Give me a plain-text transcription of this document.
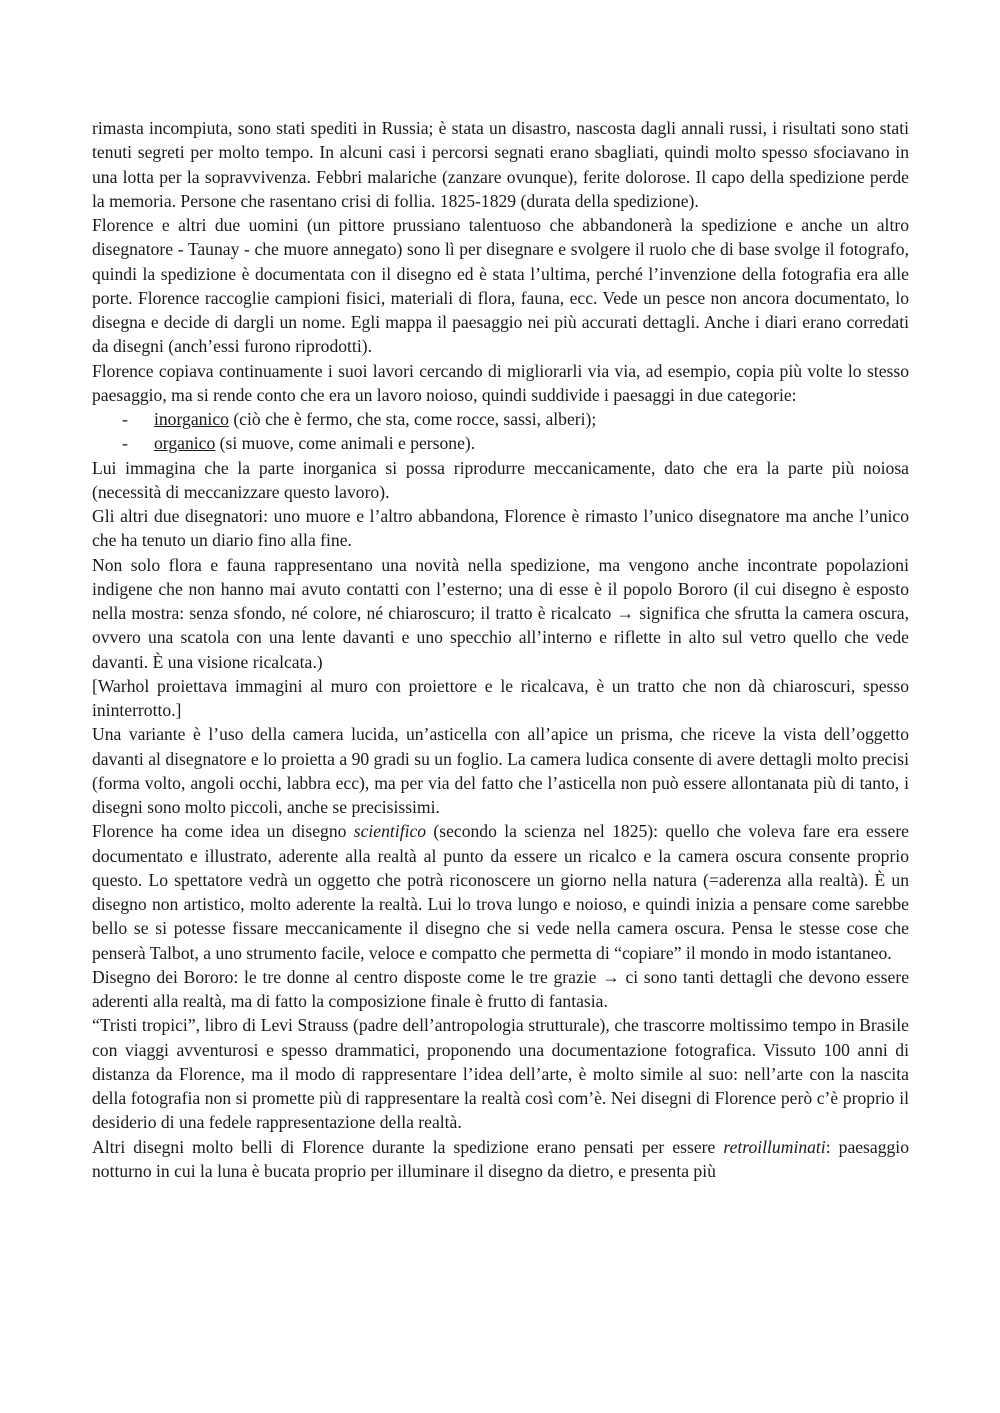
rimasta incompiuta, sono stati spediti in Russia; è stata un disastro, nascosta dagli annali russi, i risultati sono stati tenuti segreti per molto tempo. In alcuni casi i percorsi segnati erano sbagliati, quindi molto spesso sfociavano in una lotta per la sopravvivenza. Febbri malariche (zanzare ovunque), ferite dolorose. Il capo della spedizione perde la memoria. Persone che rasentano crisi di follia. 1825-1829 (durata della spedizione).

Florence e altri due uomini (un pittore prussiano talentuoso che abbandonerà la spedizione e anche un altro disegnatore - Taunay - che muore annegato) sono lì per disegnare e svolgere il ruolo che di base svolge il fotografo, quindi la spedizione è documentata con il disegno ed è stata l’ultima, perché l’invenzione della fotografia era alle porte. Florence raccoglie campioni fisici, materiali di flora, fauna, ecc. Vede un pesce non ancora documentato, lo disegna e decide di dargli un nome. Egli mappa il paesaggio nei più accurati dettagli. Anche i diari erano corredati da disegni (anch’essi furono riprodotti).

Florence copiava continuamente i suoi lavori cercando di migliorarli via via, ad esempio, copia più volte lo stesso paesaggio, ma si rende conto che era un lavoro noioso, quindi suddivide i paesaggi in due categorie:

- inorganico (ciò che è fermo, che sta, come rocce, sassi, alberi);
- organico (si muove, come animali e persone).

Lui immagina che la parte inorganica si possa riprodurre meccanicamente, dato che era la parte più noiosa (necessità di meccanizzare questo lavoro).

Gli altri due disegnatori: uno muore e l’altro abbandona, Florence è rimasto l’unico disegnatore ma anche l’unico che ha tenuto un diario fino alla fine.

Non solo flora e fauna rappresentano una novità nella spedizione, ma vengono anche incontrate popolazioni indigene che non hanno mai avuto contatti con l’esterno; una di esse è il popolo Bororo (il cui disegno è esposto nella mostra: senza sfondo, né colore, né chiaroscuro; il tratto è ricalcato → significa che sfrutta la camera oscura, ovvero una scatola con una lente davanti e uno specchio all’interno e riflette in alto sul vetro quello che vede davanti. È una visione ricalcata.)

[Warhol proiettava immagini al muro con proiettore e le ricalcava, è un tratto che non dà chiaroscuri, spesso ininterrotto.]

Una variante è l’uso della camera lucida, un’asticella con all’apice un prisma, che riceve la vista dell’oggetto davanti al disegnatore e lo proietta a 90 gradi su un foglio. La camera ludica consente di avere dettagli molto precisi (forma volto, angoli occhi, labbra ecc), ma per via del fatto che l’asticella non può essere allontanata più di tanto, i disegni sono molto piccoli, anche se precisissimi.

Florence ha come idea un disegno scientifico (secondo la scienza nel 1825): quello che voleva fare era essere documentato e illustrato, aderente alla realtà al punto da essere un ricalco e la camera oscura consente proprio questo. Lo spettatore vedrà un oggetto che potrà riconoscere un giorno nella natura (=aderenza alla realtà). È un disegno non artistico, molto aderente la realtà. Lui lo trova lungo e noioso, e quindi inizia a pensare come sarebbe bello se si potesse fissare meccanicamente il disegno che si vede nella camera oscura. Pensa le stesse cose che penserà Talbot, a uno strumento facile, veloce e compatto che permetta di “copiare” il mondo in modo istantaneo.

Disegno dei Bororo: le tre donne al centro disposte come le tre grazie → ci sono tanti dettagli che devono essere aderenti alla realtà, ma di fatto la composizione finale è frutto di fantasia.

“Tristi tropici”, libro di Levi Strauss (padre dell’antropologia strutturale), che trascorre moltissimo tempo in Brasile con viaggi avventurosi e spesso drammatici, proponendo una documentazione fotografica. Vissuto 100 anni di distanza da Florence, ma il modo di rappresentare l’idea dell’arte, è molto simile al suo: nell’arte con la nascita della fotografia non si promette più di rappresentare la realtà così com’è. Nei disegni di Florence però c’è proprio il desiderio di una fedele rappresentazione della realtà.

Altri disegni molto belli di Florence durante la spedizione erano pensati per essere retroilluminati: paesaggio notturno in cui la luna è bucata proprio per illuminare il disegno da dietro, e presenta più
